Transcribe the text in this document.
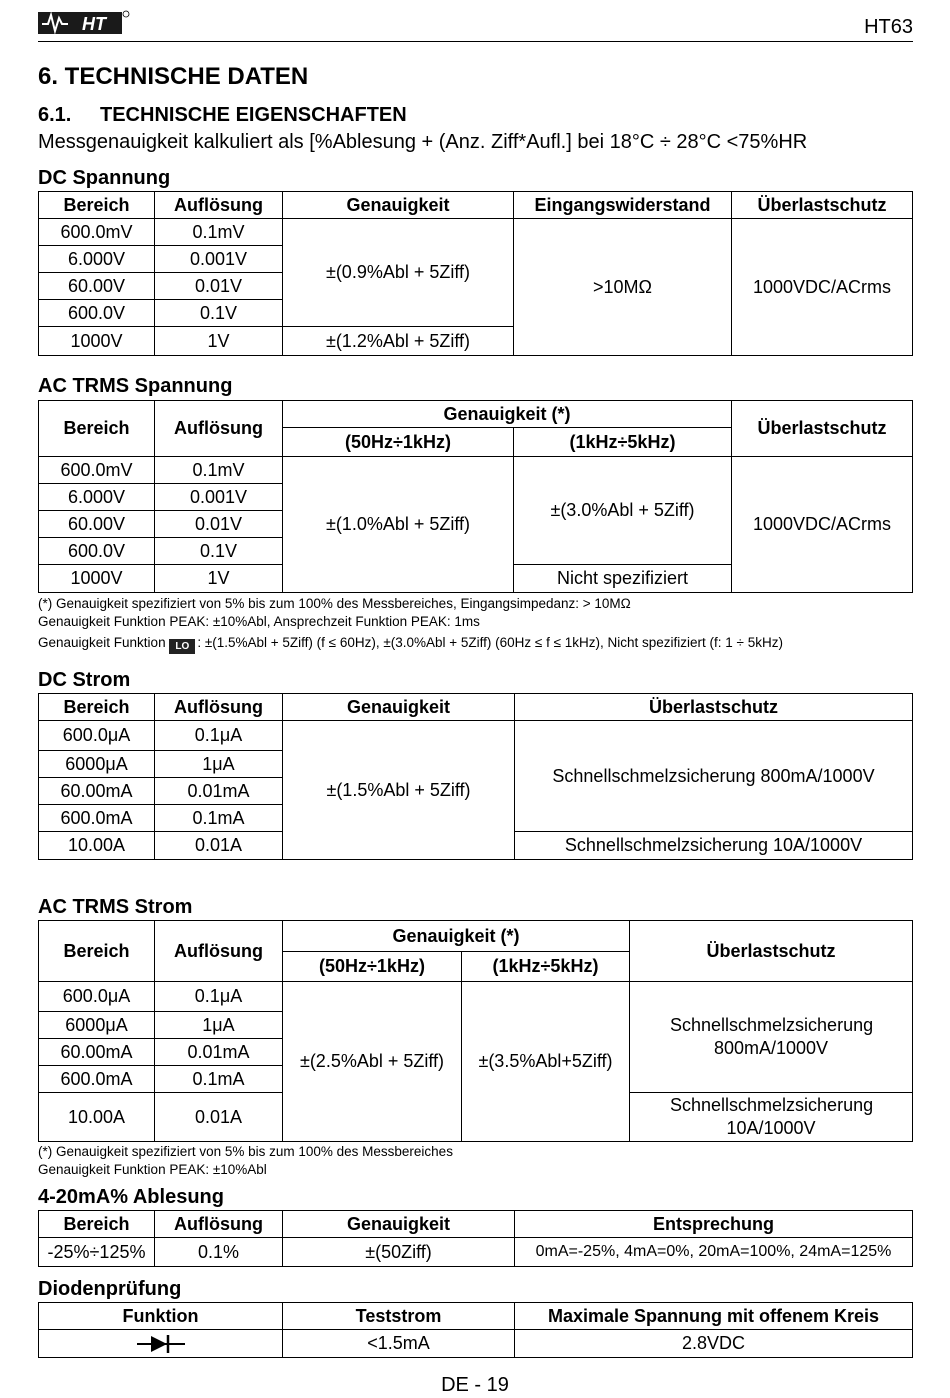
HT	HT63
6. TECHNISCHE DATEN
6.1. TECHNISCHE EIGENSCHAFTEN
Messgenauigkeit kalkuliert als [%Ablesung + (Anz. Ziff*Aufl.] bei 18°C ÷ 28°C <75%HR
DC Spannung
Bereich	Auflösung	Genauigkeit	Eingangswiderstand	Überlastschutz
600.0mV	0.1mV	±(0.9%Abl + 5Ziff)	>10MΩ	1000VDC/ACrms
6.000V	0.001V			
60.00V	0.01V			
600.0V	0.1V			
1000V	1V	±(1.2%Abl + 5Ziff)		
AC TRMS Spannung
Bereich	Auflösung	Genauigkeit (*)		Überlastschutz
		(50Hz÷1kHz)	(1kHz÷5kHz)	
600.0mV	0.1mV	±(1.0%Abl + 5Ziff)	±(3.0%Abl + 5Ziff)	1000VDC/ACrms
6.000V	0.001V			
60.00V	0.01V			
600.0V	0.1V			
1000V	1V		Nicht spezifiziert	
(*) Genauigkeit spezifiziert von 5% bis zum 100% des Messbereiches, Eingangsimpedanz: > 10MΩ
Genauigkeit Funktion PEAK: ±10%Abl, Ansprechzeit Funktion PEAK: 1ms
Genauigkeit Funktion LO : ±(1.5%Abl + 5Ziff) (f ≤ 60Hz), ±(3.0%Abl + 5Ziff) (60Hz ≤ f ≤ 1kHz), Nicht spezifiziert (f: 1 ÷ 5kHz)
DC Strom
Bereich	Auflösung	Genauigkeit	Überlastschutz
600.0μA	0.1μA	±(1.5%Abl + 5Ziff)	Schnellschmelzsicherung 800mA/1000V
6000μA	1μA		
60.00mA	0.01mA		
600.0mA	0.1mA		
10.00A	0.01A		Schnellschmelzsicherung 10A/1000V
AC TRMS Strom
Bereich	Auflösung	Genauigkeit (*)		Überlastschutz
		(50Hz÷1kHz)	(1kHz÷5kHz)	
600.0μA	0.1μA	±(2.5%Abl + 5Ziff)	±(3.5%Abl+5Ziff)	Schnellschmelzsicherung 800mA/1000V
6000μA	1μA			
60.00mA	0.01mA			
600.0mA	0.1mA			
10.00A	0.01A			Schnellschmelzsicherung 10A/1000V
(*) Genauigkeit spezifiziert von 5% bis zum 100% des Messbereiches
Genauigkeit Funktion PEAK: ±10%Abl
4-20mA% Ablesung
Bereich	Auflösung	Genauigkeit	Entsprechung
-25%÷125%	0.1%	±(50Ziff)	0mA=-25%, 4mA=0%, 20mA=100%, 24mA=125%
Diodenprüfung
Funktion	Teststrom	Maximale Spannung mit offenem Kreis
	<1.5mA	2.8VDC
DE - 19
